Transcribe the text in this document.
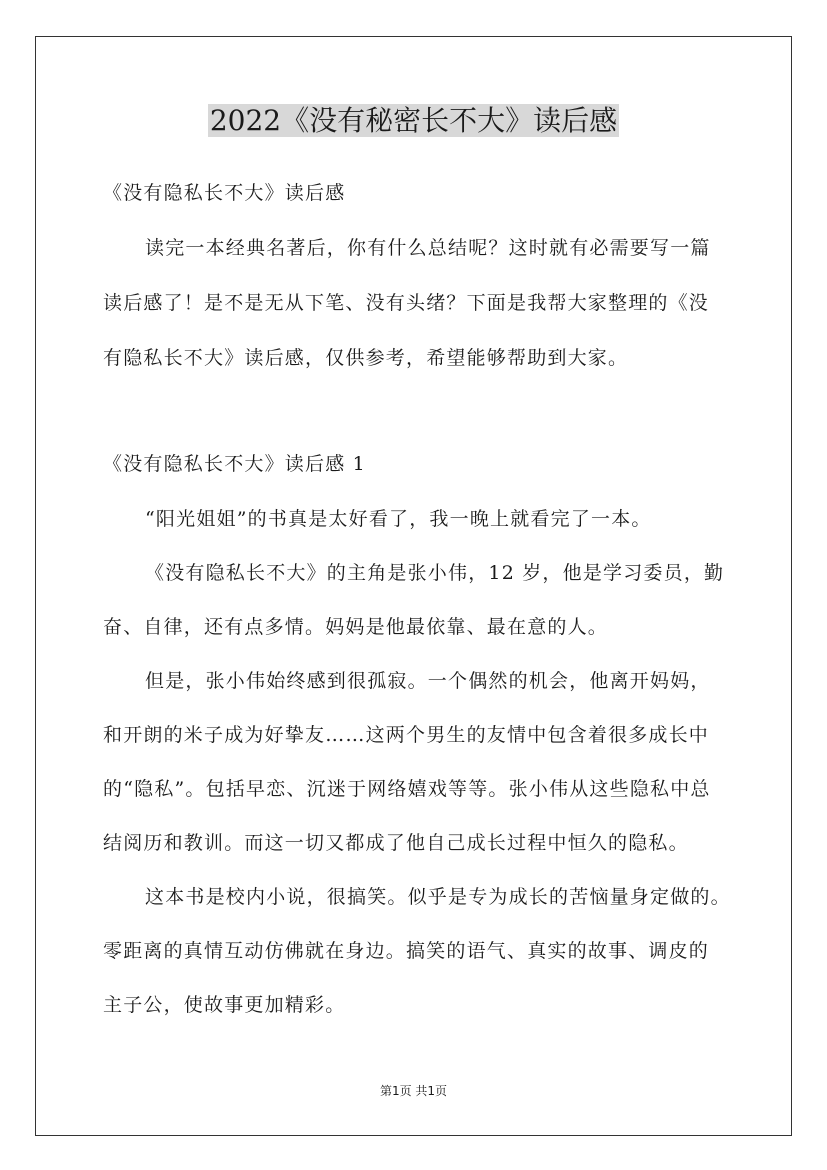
2022《没有秘密长不大》读后感
《没有隐私长不大》读后感
读完一本经典名著后，你有什么总结呢？这时就有必需要写一篇
读后感了！是不是无从下笔、没有头绪？下面是我帮大家整理的《没
有隐私长不大》读后感，仅供参考，希望能够帮助到大家。
《没有隐私长不大》读后感 1
“阳光姐姐”的书真是太好看了，我一晚上就看完了一本。
《没有隐私长不大》的主角是张小伟，12 岁，他是学习委员，勤
奋、自律，还有点多情。妈妈是他最依靠、最在意的人。
但是，张小伟始终感到很孤寂。一个偶然的机会，他离开妈妈，
和开朗的米子成为好挚友……这两个男生的友情中包含着很多成长中
的“隐私”。包括早恋、沉迷于网络嬉戏等等。张小伟从这些隐私中总
结阅历和教训。而这一切又都成了他自己成长过程中恒久的隐私。
这本书是校内小说，很搞笑。似乎是专为成长的苦恼量身定做的。
零距离的真情互动仿佛就在身边。搞笑的语气、真实的故事、调皮的
主子公，使故事更加精彩。
第1页 共1页
